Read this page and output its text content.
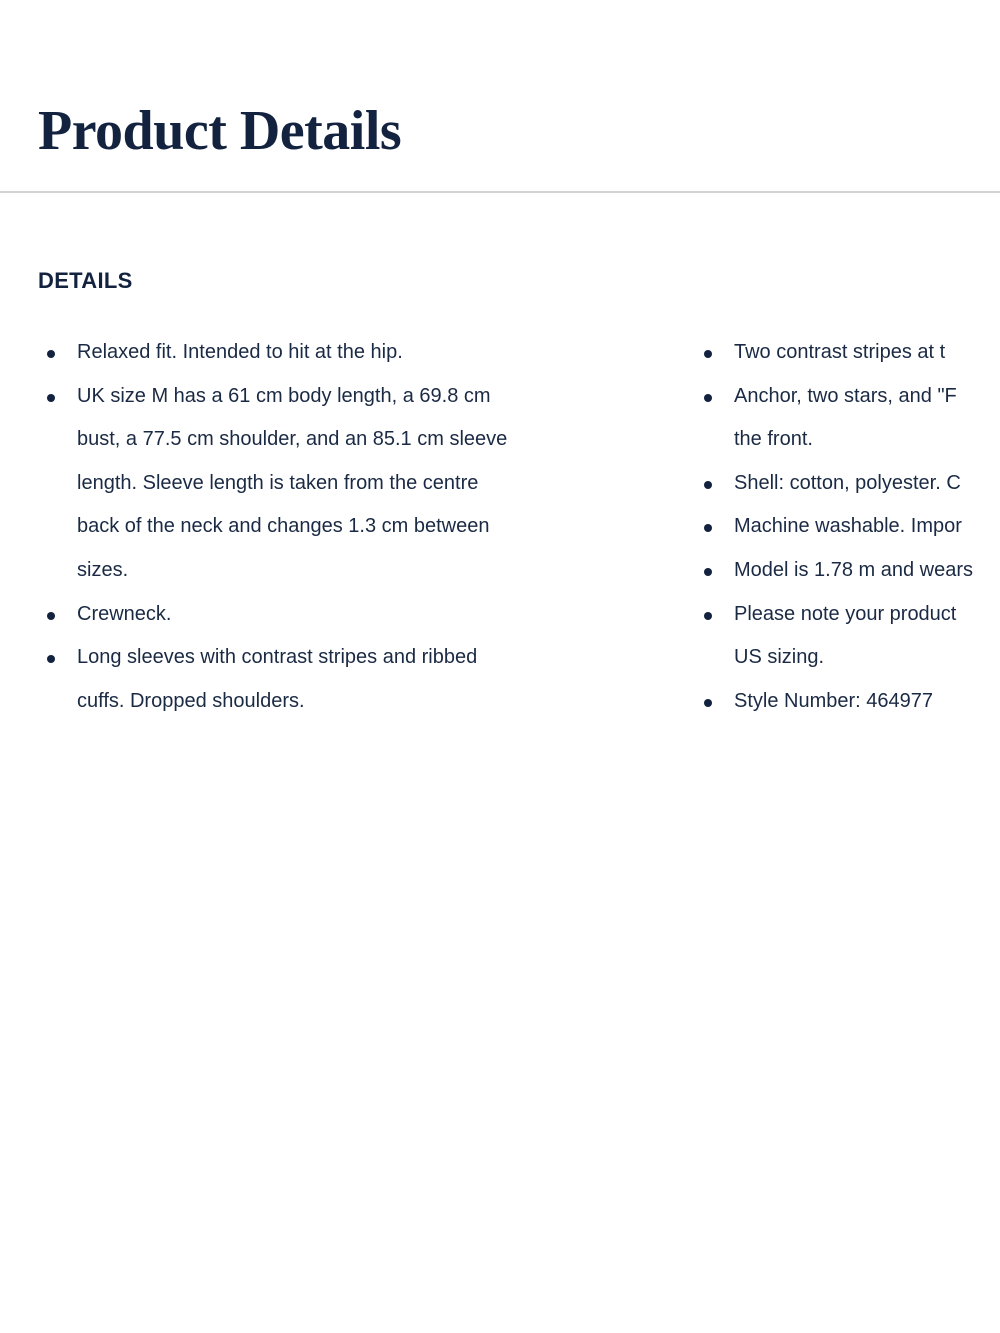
Product Details
DETAILS
Relaxed fit. Intended to hit at the hip.
UK size M has a 61 cm body length, a 69.8 cm
bust, a 77.5 cm shoulder, and an 85.1 cm sleeve
length. Sleeve length is taken from the centre
back of the neck and changes 1.3 cm between
sizes.
Crewneck.
Long sleeves with contrast stripes and ribbed
cuffs. Dropped shoulders.
Two contrast stripes at t
Anchor, two stars, and "F
the front.
Shell: cotton, polyester. C
Machine washable. Impor
Model is 1.78 m and wears
Please note your product
US sizing.
Style Number: 464977
